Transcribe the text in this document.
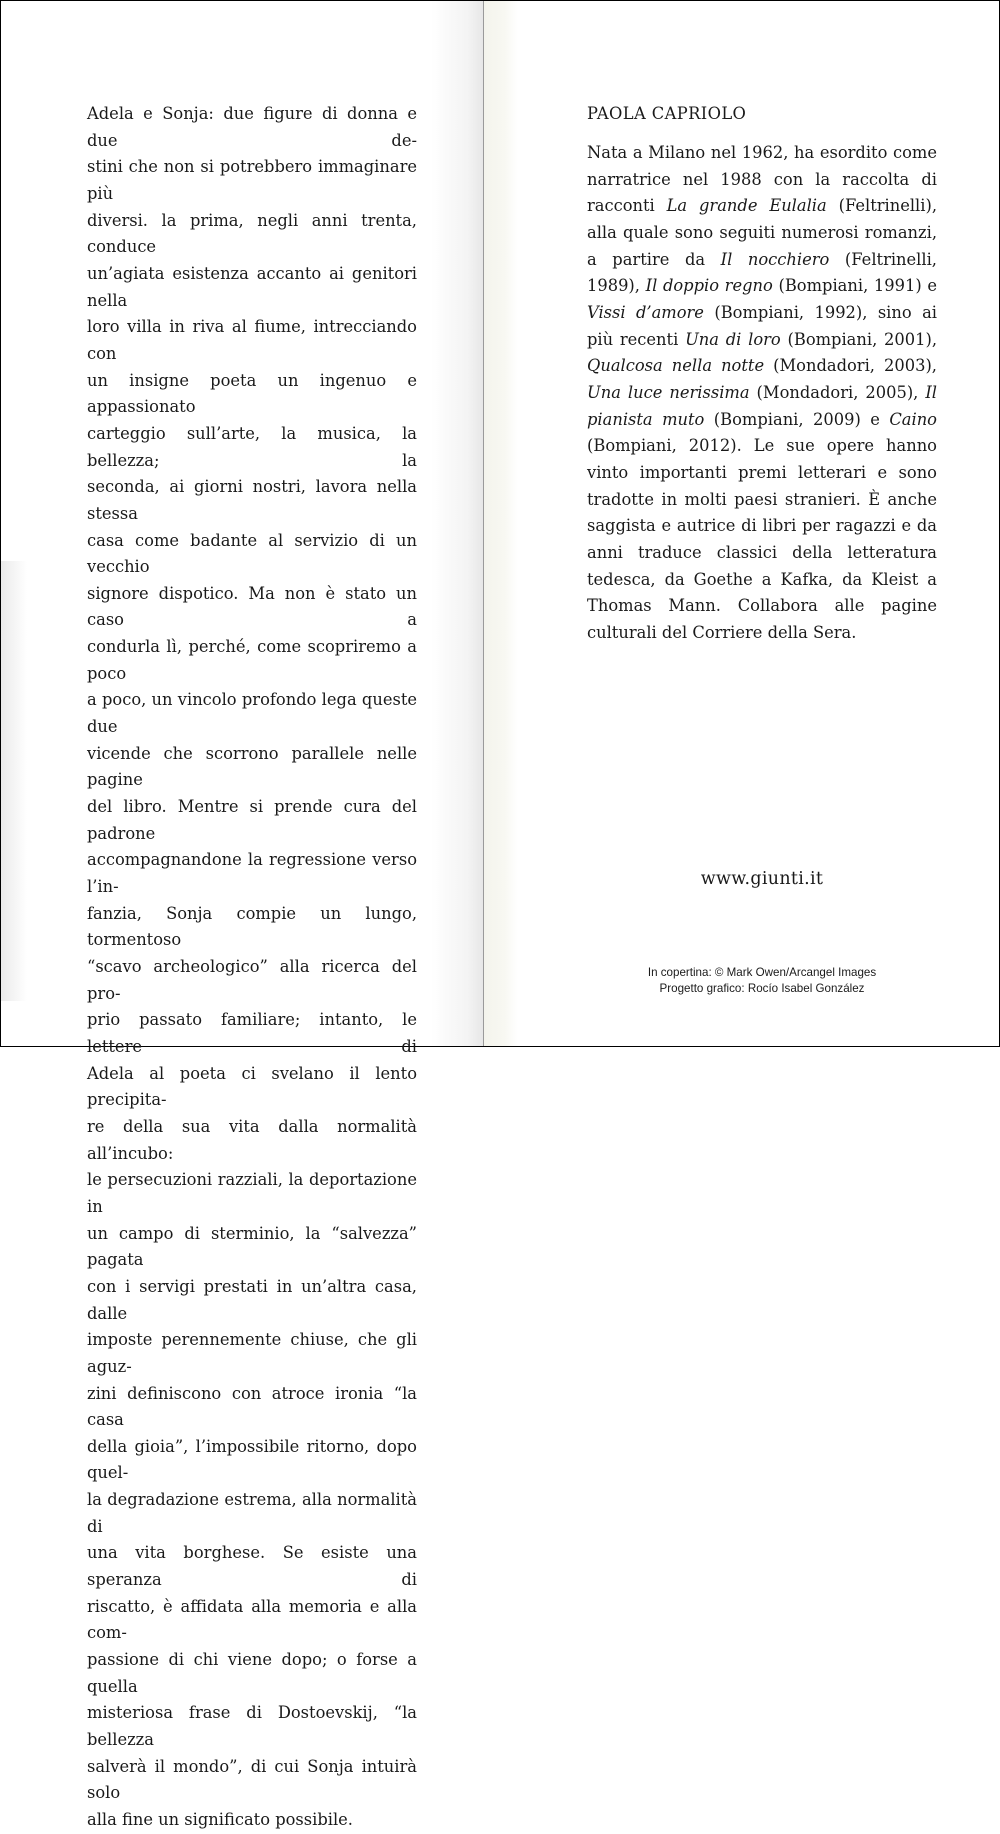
Adela e Sonja: due figure di donna e due de-
stini che non si potrebbero immaginare più
diversi. la prima, negli anni trenta, conduce
un’agiata esistenza accanto ai genitori nella
loro villa in riva al fiume, intrecciando con
un insigne poeta un ingenuo e appassionato
carteggio sull’arte, la musica, la bellezza; la
seconda, ai giorni nostri, lavora nella stessa
casa come badante al servizio di un vecchio
signore dispotico. Ma non è stato un caso a
condurla lì, perché, come scopriremo a poco
a poco, un vincolo profondo lega queste due
vicende che scorrono parallele nelle pagine
del libro. Mentre si prende cura del padrone
accompagnandone la regressione verso l’in-
fanzia, Sonja compie un lungo, tormentoso
“scavo archeologico” alla ricerca del pro-
prio passato familiare; intanto, le lettere di
Adela al poeta ci svelano il lento precipita-
re della sua vita dalla normalità all’incubo:
le persecuzioni razziali, la deportazione in
un campo di sterminio, la “salvezza” pagata
con i servigi prestati in un’altra casa, dalle
imposte perennemente chiuse, che gli aguz-
zini definiscono con atroce ironia “la casa
della gioia”, l’impossibile ritorno, dopo quel-
la degradazione estrema, alla normalità di
una vita borghese. Se esiste una speranza di
riscatto, è affidata alla memoria e alla com-
passione di chi viene dopo; o forse a quella
misteriosa frase di Dostoevskij, “la bellezza
salverà il mondo”, di cui Sonja intuirà solo
alla fine un significato possibile.

PAOLA CAPRIOLO

Nata a Milano nel 1962, ha esordito come narratrice nel 1988 con la raccolta di racconti La grande Eulalia (Feltrinelli), alla quale sono seguiti numerosi romanzi, a partire da Il nocchiero (Feltrinelli, 1989), Il doppio regno (Bompiani, 1991) e Vissi d’amore (Bompiani, 1992), sino ai più recenti Una di loro (Bompiani, 2001), Qualcosa nella notte (Mondadori, 2003), Una luce nerissima (Mondadori, 2005), Il pianista muto (Bompiani, 2009) e Caino (Bompiani, 2012). Le sue opere hanno vinto importanti premi letterari e sono tradotte in molti paesi stranieri. È anche saggista e autrice di libri per ragazzi e da anni traduce classici della letteratura tedesca, da Goethe a Kafka, da Kleist a Thomas Mann. Collabora alle pagine culturali del Corriere della Sera.

www.giunti.it

In copertina: © Mark Owen/Arcangel Images
Progetto grafico: Rocío Isabel González
